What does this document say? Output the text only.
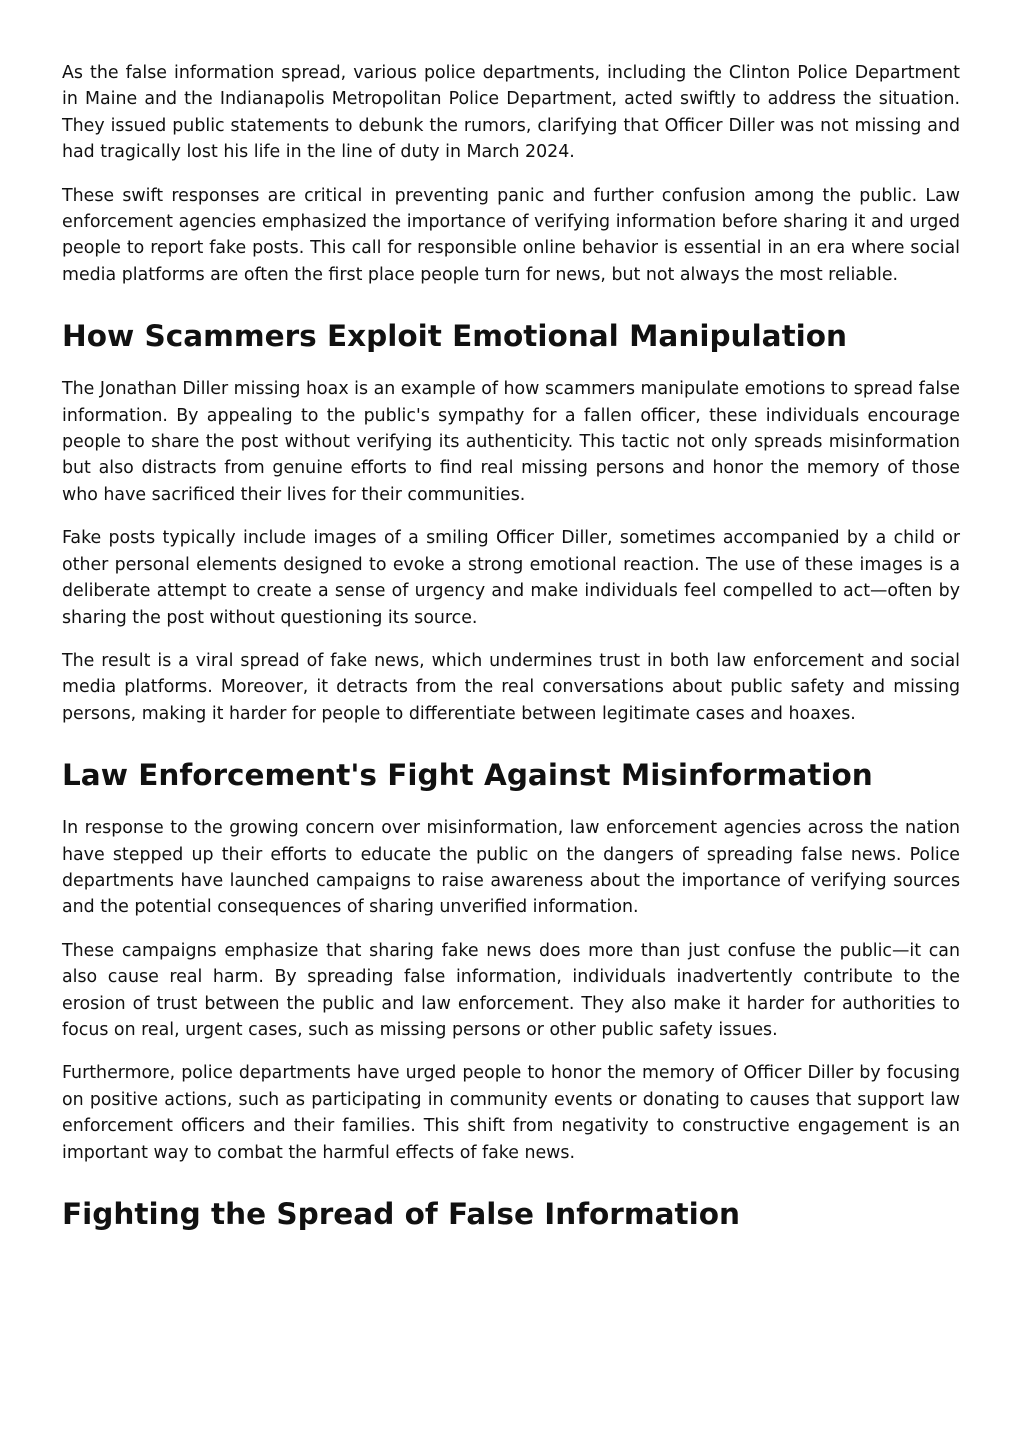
As the false information spread, various police departments, including the Clinton Police Department in Maine and the Indianapolis Metropolitan Police Department, acted swiftly to address the situation. They issued public statements to debunk the rumors, clarifying that Officer Diller was not missing and had tragically lost his life in the line of duty in March 2024.

These swift responses are critical in preventing panic and further confusion among the public. Law enforcement agencies emphasized the importance of verifying information before sharing it and urged people to report fake posts. This call for responsible online behavior is essential in an era where social media platforms are often the first place people turn for news, but not always the most reliable.

How Scammers Exploit Emotional Manipulation

The Jonathan Diller missing hoax is an example of how scammers manipulate emotions to spread false information. By appealing to the public's sympathy for a fallen officer, these individuals encourage people to share the post without verifying its authenticity. This tactic not only spreads misinformation but also distracts from genuine efforts to find real missing persons and honor the memory of those who have sacrificed their lives for their communities.

Fake posts typically include images of a smiling Officer Diller, sometimes accompanied by a child or other personal elements designed to evoke a strong emotional reaction. The use of these images is a deliberate attempt to create a sense of urgency and make individuals feel compelled to act—often by sharing the post without questioning its source.

The result is a viral spread of fake news, which undermines trust in both law enforcement and social media platforms. Moreover, it detracts from the real conversations about public safety and missing persons, making it harder for people to differentiate between legitimate cases and hoaxes.

Law Enforcement's Fight Against Misinformation

In response to the growing concern over misinformation, law enforcement agencies across the nation have stepped up their efforts to educate the public on the dangers of spreading false news. Police departments have launched campaigns to raise awareness about the importance of verifying sources and the potential consequences of sharing unverified information.

These campaigns emphasize that sharing fake news does more than just confuse the public—it can also cause real harm. By spreading false information, individuals inadvertently contribute to the erosion of trust between the public and law enforcement. They also make it harder for authorities to focus on real, urgent cases, such as missing persons or other public safety issues.

Furthermore, police departments have urged people to honor the memory of Officer Diller by focusing on positive actions, such as participating in community events or donating to causes that support law enforcement officers and their families. This shift from negativity to constructive engagement is an important way to combat the harmful effects of fake news.

Fighting the Spread of False Information
